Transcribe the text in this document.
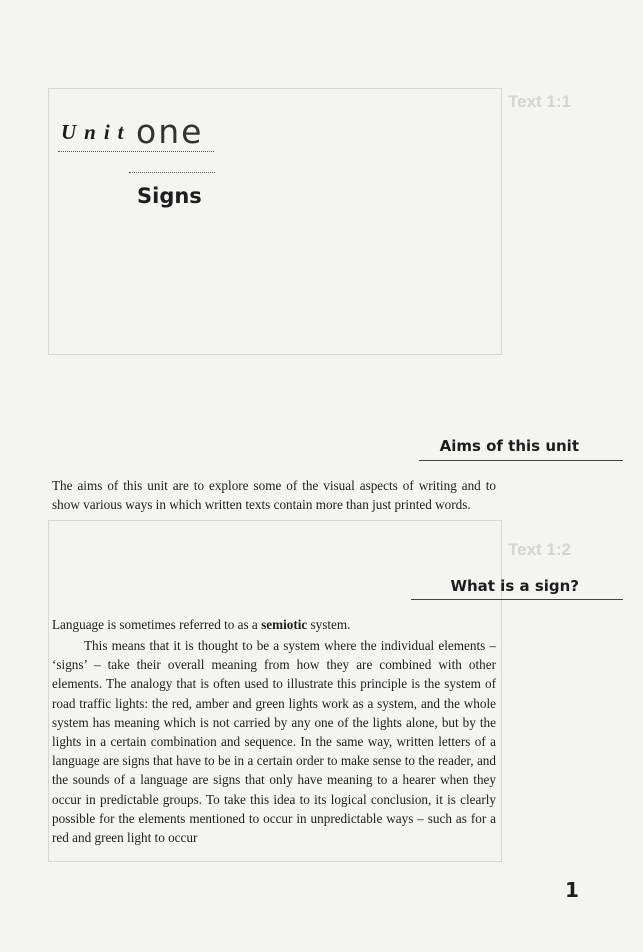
Text 1:1
Text 1:2
Unit one
Signs
Aims of this unit
The aims of this unit are to explore some of the visual aspects of writing and to show various ways in which written texts contain more than just printed words.
What is a sign?
Language is sometimes referred to as a semiotic system.
This means that it is thought to be a system where the individual elements – ‘signs’ – take their overall meaning from how they are combined with other elements. The analogy that is often used to illustrate this principle is the system of road traffic lights: the red, amber and green lights work as a system, and the whole system has meaning which is not carried by any one of the lights alone, but by the lights in a certain combination and sequence. In the same way, written letters of a language are signs that have to be in a certain order to make sense to the reader, and the sounds of a language are signs that only have meaning to a hearer when they occur in predictable groups. To take this idea to its logical conclusion, it is clearly possible for the elements mentioned to occur in unpredictable ways – such as for a red and green light to occur
1
